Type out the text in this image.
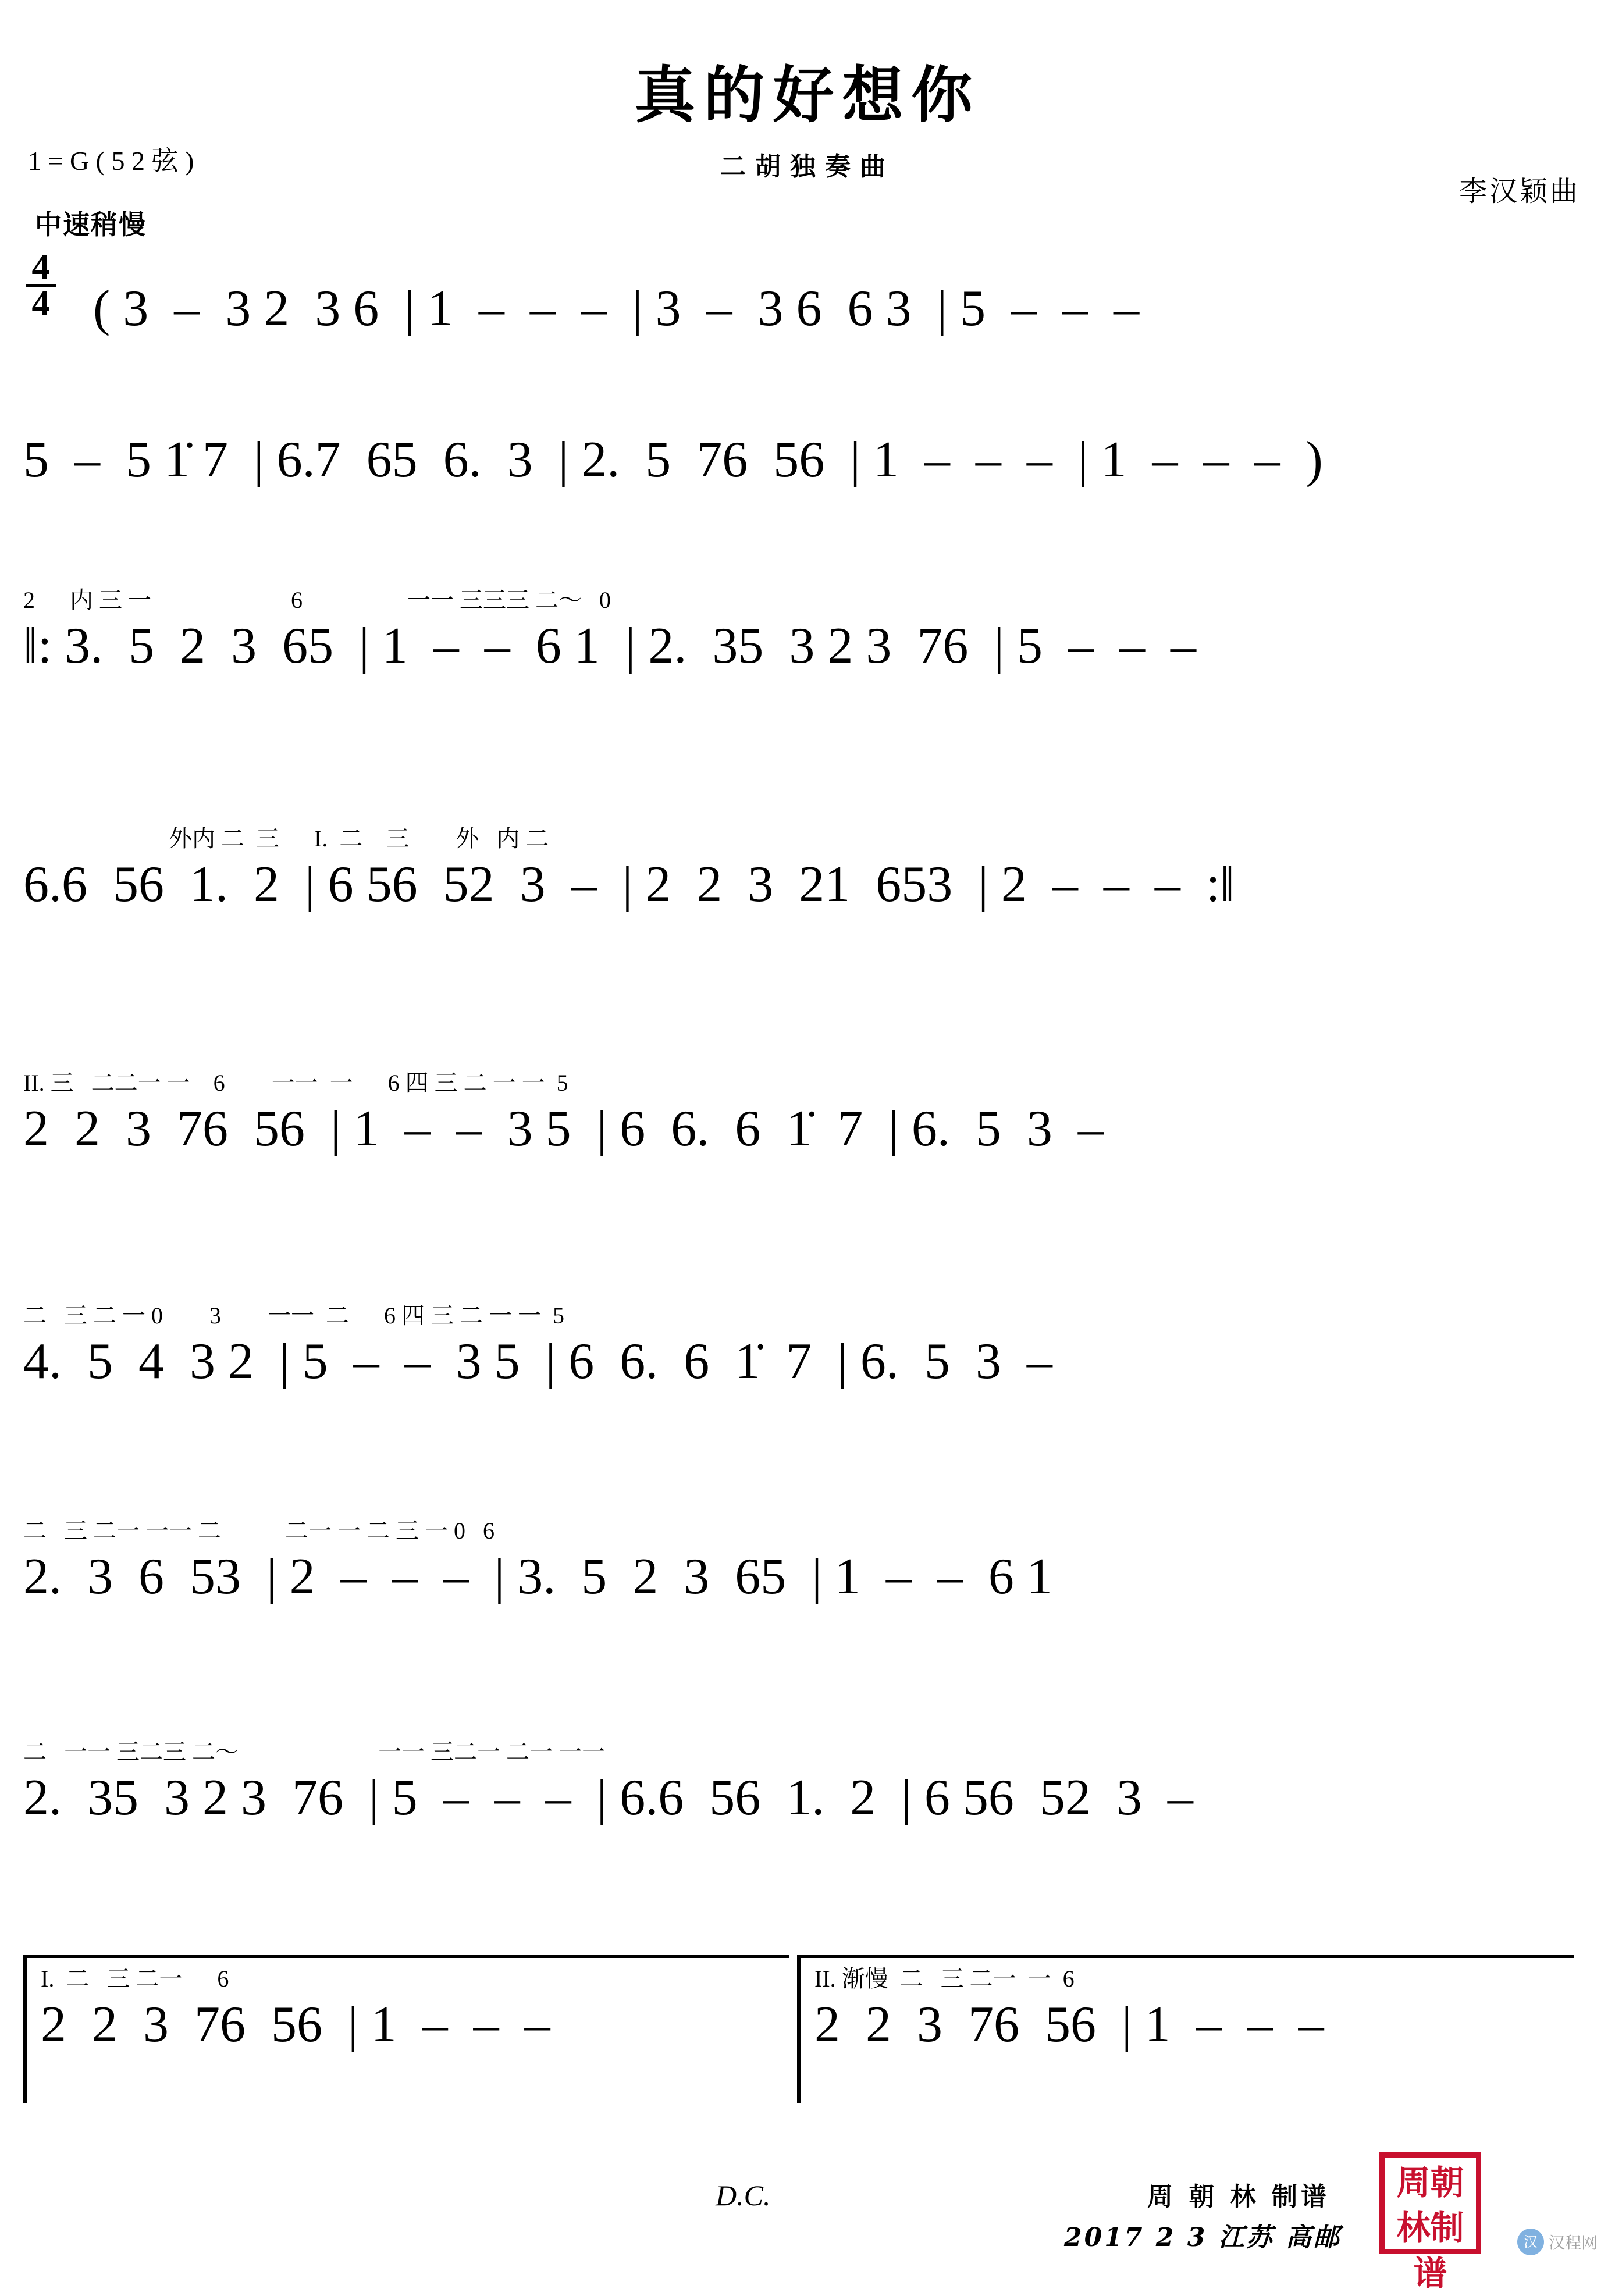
真的好想你
二胡独奏曲
1 = G ( 5 2 弦 )
李汉颖曲
中速稍慢
4
4
( 3  –  3 2  3 6  | 1  –  –  –  | 3  –  3 6  6 3  | 5  –  –  –
5  –  5 1̇ 7  | 6.7  65  6.  3  | 2.  5  76  56  | 1  –  –  –  | 1  –  –  –  )
2      内 三 一                        6                  一一 三三三 二〜   0
‖: 3.  5  2  3  65  | 1  –  –  6 1  | 2.  35  3 2 3  76  | 5  –  –  –
外内 二  三      I.  二    三        外   内 二
6.6  56  1.  2  | 6 56  52  3  –  | 2  2  3  21  653  | 2  –  –  –  :‖
II. 三   二二一 一    6        一一  一      6 四 三 二 一 一  5
2  2  3  76  56  | 1  –  –  3 5  | 6  6.  6  1̇  7  | 6.  5  3  –
二   三 二 一 0        3        一一  二      6 四 三 二 一 一  5
4.  5  4  3 2  | 5  –  –  3 5  | 6  6.  6  1̇  7  | 6.  5  3  –
二   三 二一 一一 二           二一 一 二 三 一 0   6
2.  3  6  53  | 2  –  –  –  | 3.  5  2  3  65  | 1  –  –  6 1
二   一一 三二三 二〜                        一一 三二一 二一 一一
2.  35  3 2 3  76  | 5  –  –  –  | 6.6  56  1.  2  | 6 56  52  3  –
I.  二   三 二一      6
2  2  3  76  56  | 1  –  –  –
II. 渐慢  二   三 二一  一  6
2  2  3  76  56  | 1  –  –  –
D.C.	周 朝 林 制谱
2017 2 3 江苏 高邮
周朝林制谱
汉 汉程网
